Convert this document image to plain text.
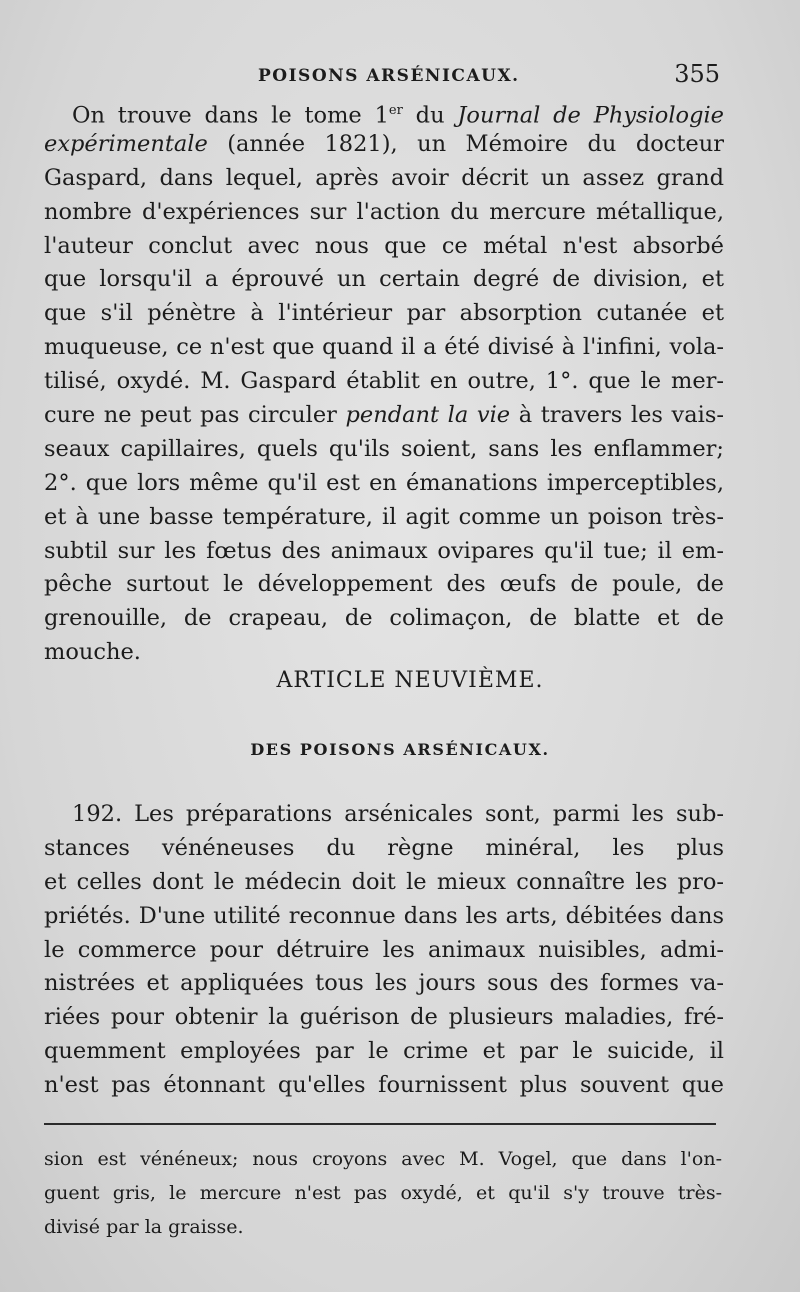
POISONS ARSÉNICAUX.	355
On trouve dans le tome 1er du Journal de Physiologie
expérimentale (année 1821), un Mémoire du docteur
Gaspard, dans lequel, après avoir décrit un assez grand
nombre d'expériences sur l'action du mercure métallique,
l'auteur conclut avec nous que ce métal n'est absorbé
que lorsqu'il a éprouvé un certain degré de division, et
que s'il pénètre à l'intérieur par absorption cutanée et
muqueuse, ce n'est que quand il a été divisé à l'infini, vola-
tilisé, oxydé. M. Gaspard établit en outre, 1°. que le mer-
cure ne peut pas circuler pendant la vie à travers les vais-
seaux capillaires, quels qu'ils soient, sans les enflammer;
2°. que lors même qu'il est en émanations imperceptibles,
et à une basse température, il agit comme un poison très-
subtil sur les fœtus des animaux ovipares qu'il tue; il em-
pêche surtout le développement des œufs de poule, de
grenouille, de crapeau, de colimaçon, de blatte et de
mouche.
ARTICLE NEUVIÈME.
DES POISONS ARSÉNICAUX.
192. Les préparations arsénicales sont, parmi les sub-
stances vénéneuses du règne minéral, les plus
et celles dont le médecin doit le mieux connaître les pro-
priétés. D'une utilité reconnue dans les arts, débitées dans
le commerce pour détruire les animaux nuisibles, admi-
nistrées et appliquées tous les jours sous des formes va-
riées pour obtenir la guérison de plusieurs maladies, fré-
quemment employées par le crime et par le suicide, il
n'est pas étonnant qu'elles fournissent plus souvent que
sion est vénéneux; nous croyons avec M. Vogel, que dans l'on-
guent gris, le mercure n'est pas oxydé, et qu'il s'y trouve très-
divisé par la graisse.
